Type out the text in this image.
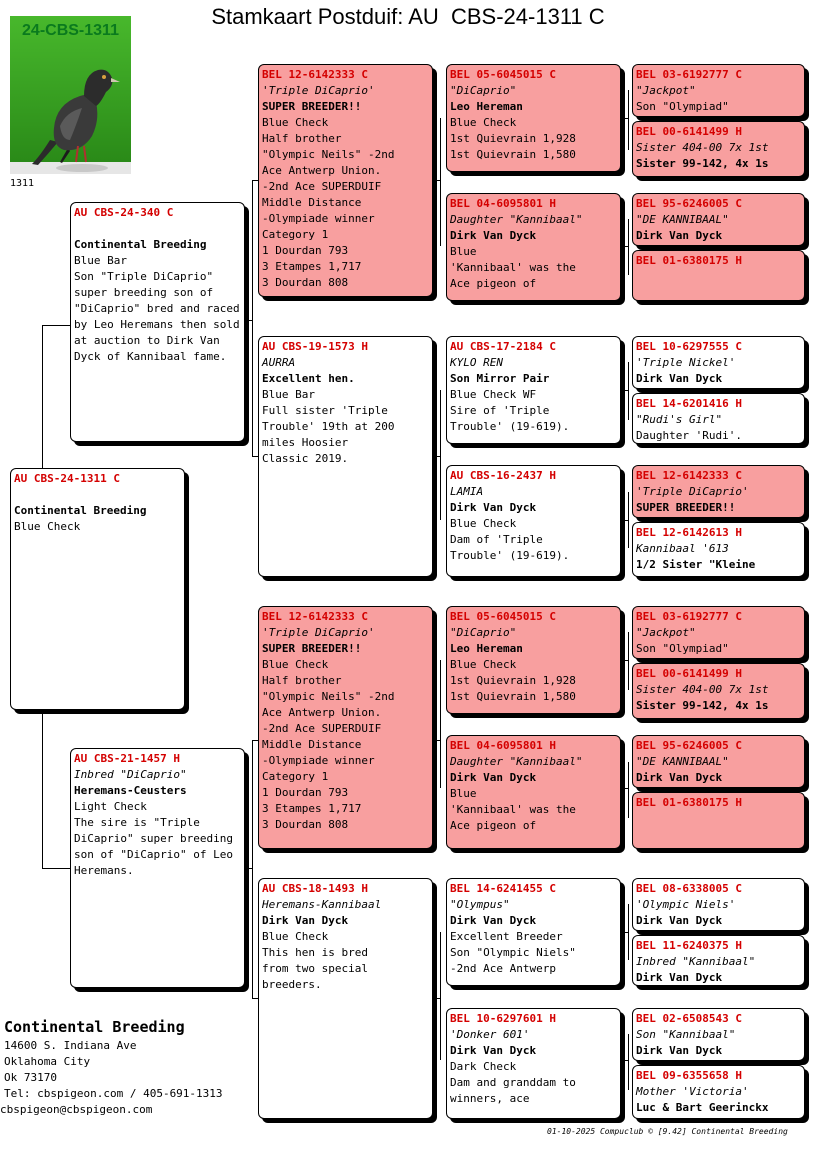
Stamkaart Postduif: AU  CBS-24-1311 C
24-CBS-1311
1311
AU CBS-24-1311 C
Continental Breeding
Blue Check
AU CBS-24-340 C
Continental Breeding
Blue Bar
Son "Triple DiCaprio" super breeding son of "DiCaprio" bred and raced by Leo Heremans then sold at auction to Dirk Van Dyck of Kannibaal fame.
AU CBS-21-1457 H
Inbred "DiCaprio"
Heremans-Ceusters
Light Check
The sire is "Triple DiCaprio" super breeding son of "DiCaprio" of Leo Heremans.
BEL 12-6142333 C
'Triple DiCaprio'
SUPER BREEDER!!
Blue Check
Half brother
"Olympic Neils" -2nd
Ace Antwerp Union.
-2nd Ace SUPERDUIF
Middle Distance
-Olympiade winner
Category 1
1 Dourdan 793
3 Etampes 1,717
3 Dourdan 808
AU CBS-19-1573 H
AURRA
Excellent hen.
Blue Bar
Full sister 'Triple
Trouble' 19th at 200
miles Hoosier
Classic 2019.
BEL 12-6142333 C
'Triple DiCaprio'
SUPER BREEDER!!
Blue Check
Half brother
"Olympic Neils" -2nd
Ace Antwerp Union.
-2nd Ace SUPERDUIF
Middle Distance
-Olympiade winner
Category 1
1 Dourdan 793
3 Etampes 1,717
3 Dourdan 808
AU CBS-18-1493 H
Heremans-Kannibaal
Dirk Van Dyck
Blue Check
This hen is bred
from two special
breeders.
BEL 05-6045015 C
"DiCaprio"
Leo Hereman
Blue Check
1st Quievrain 1,928
1st Quievrain 1,580
BEL 04-6095801 H
Daughter "Kannibaal"
Dirk Van Dyck
Blue
'Kannibaal' was the
Ace pigeon of
AU CBS-17-2184 C
KYLO REN
Son Mirror Pair
Blue Check WF
Sire of 'Triple
Trouble' (19-619).
AU CBS-16-2437 H
LAMIA
Dirk Van Dyck
Blue Check
Dam of 'Triple
Trouble' (19-619).
BEL 05-6045015 C
"DiCaprio"
Leo Hereman
Blue Check
1st Quievrain 1,928
1st Quievrain 1,580
BEL 04-6095801 H
Daughter "Kannibaal"
Dirk Van Dyck
Blue
'Kannibaal' was the
Ace pigeon of
BEL 14-6241455 C
"Olympus"
Dirk Van Dyck
Excellent Breeder
Son "Olympic Niels"
-2nd Ace Antwerp
BEL 10-6297601 H
'Donker 601'
Dirk Van Dyck
Dark Check
Dam and granddam to
winners, ace
BEL 03-6192777 C
"Jackpot"
Son "Olympiad"
BEL 00-6141499 H
Sister 404-00 7x 1st
Sister 99-142, 4x 1s
BEL 95-6246005 C
"DE KANNIBAAL"
Dirk Van Dyck
BEL 01-6380175 H
BEL 10-6297555 C
'Triple Nickel'
Dirk Van Dyck
BEL 14-6201416 H
"Rudi's Girl"
Daughter 'Rudi'.
BEL 12-6142333 C
'Triple DiCaprio'
SUPER BREEDER!!
BEL 12-6142613 H
Kannibaal '613
1/2 Sister "Kleine
BEL 03-6192777 C
"Jackpot"
Son "Olympiad"
BEL 00-6141499 H
Sister 404-00 7x 1st
Sister 99-142, 4x 1s
BEL 95-6246005 C
"DE KANNIBAAL"
Dirk Van Dyck
BEL 01-6380175 H
BEL 08-6338005 C
'Olympic Niels'
Dirk Van Dyck
BEL 11-6240375 H
Inbred "Kannibaal"
Dirk Van Dyck
BEL 02-6508543 C
Son "Kannibaal"
Dirk Van Dyck
BEL 09-6355658 H
Mother 'Victoria'
Luc & Bart Geerinckx
Continental Breeding
14600 S. Indiana Ave
Oklahoma City
Ok 73170
Tel: cbspigeon.com / 405-691-1313
cbspigeon@cbspigeon.com
01-10-2025 Compuclub © [9.42] Continental Breeding
